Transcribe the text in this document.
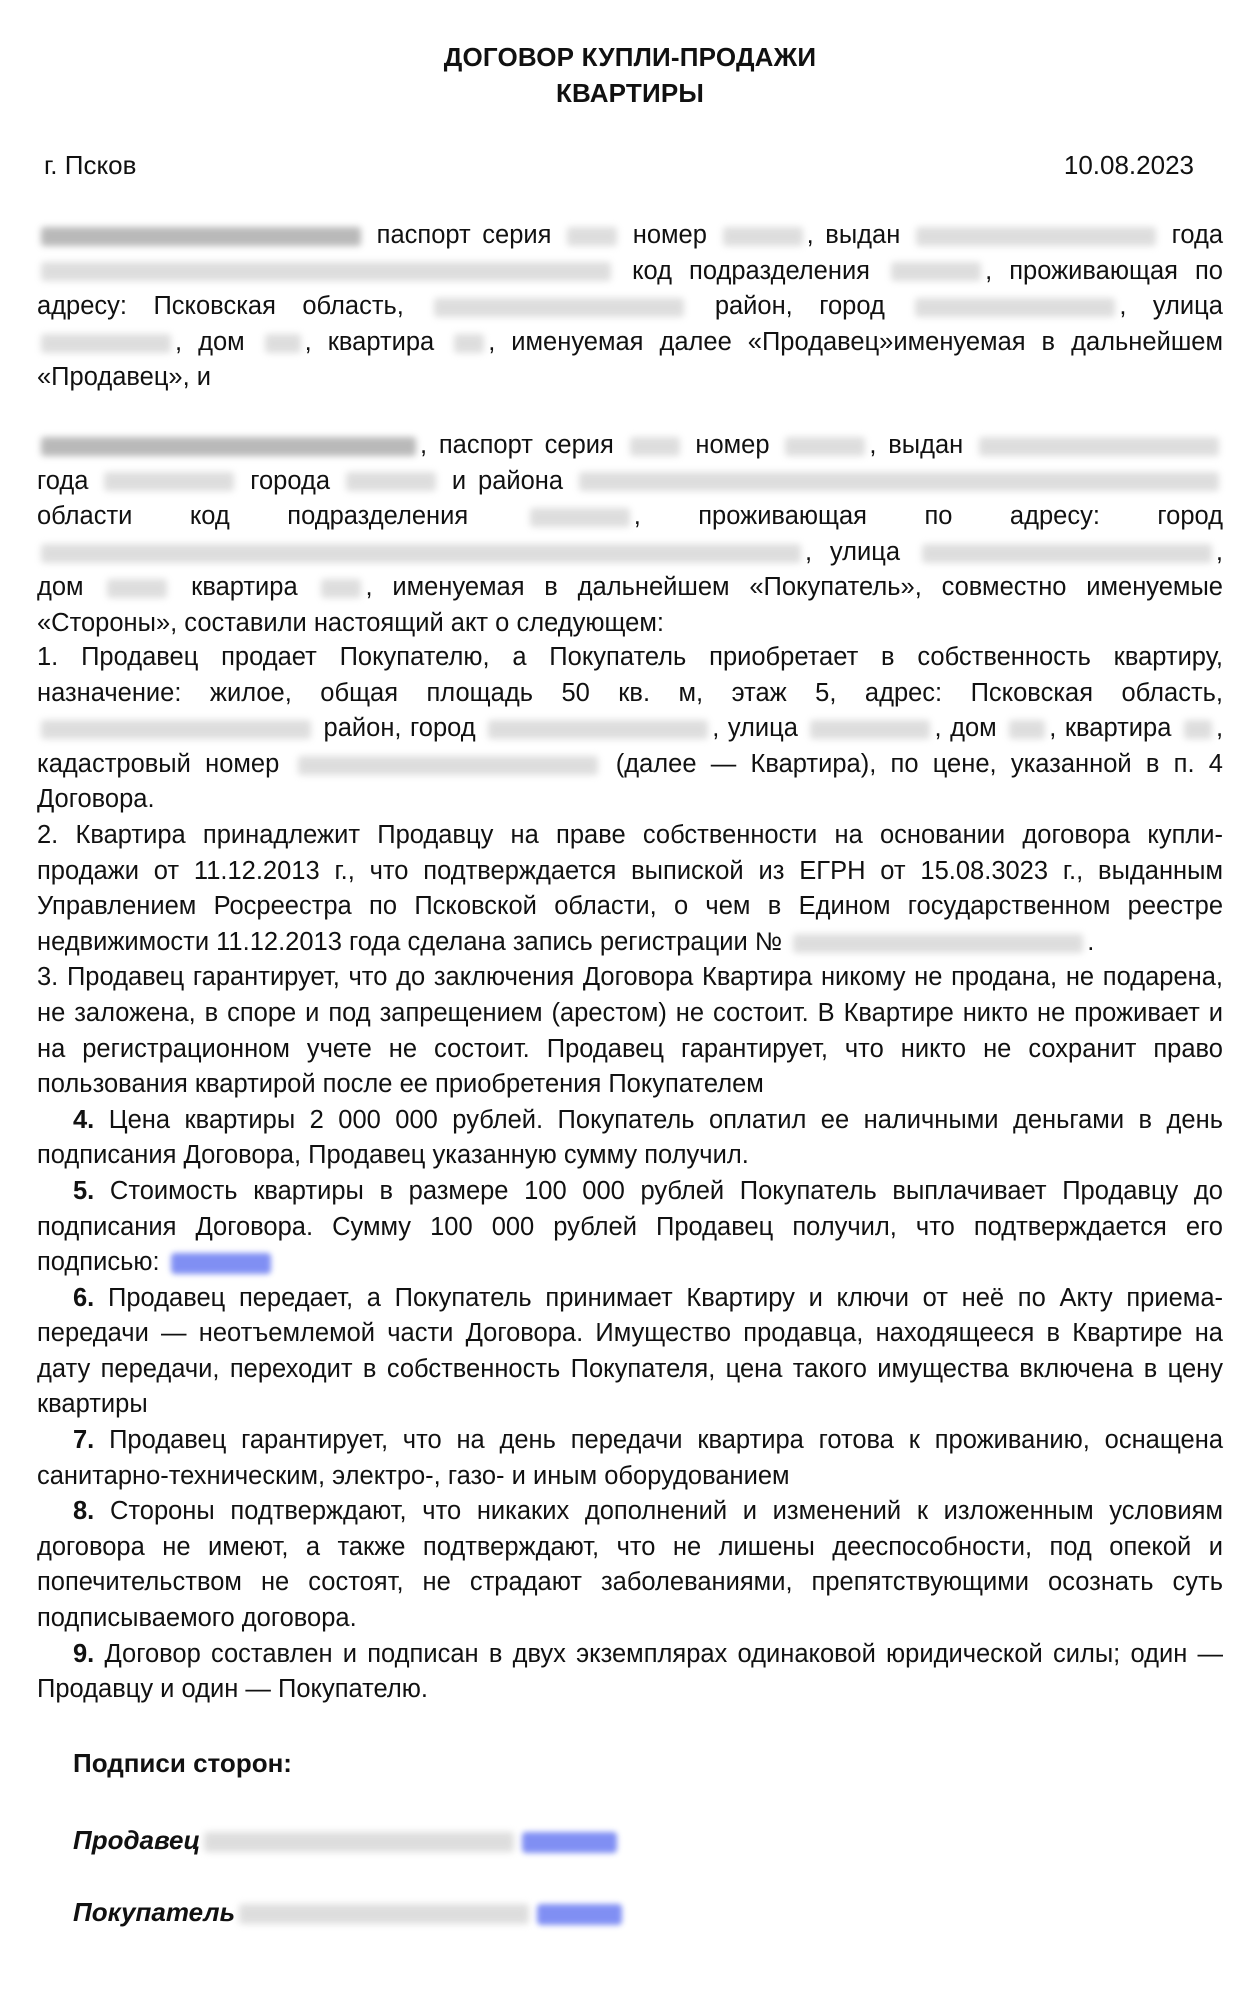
ДОГОВОР КУПЛИ-ПРОДАЖИ
КВАРТИРЫ
г. Псков	10.08.2023

паспорт серия	номер	, выдан	года  код подразделения	, проживающая по адресу: Псковская область,	район, город	, улица , дом , квартира , именуемая далее «Продавец»именуемая в дальнейшем «Продавец», и

, паспорт серия	номер	, выдан  года	города	и района  области код подразделения	, проживающая по адресу: город , улица	, дом	квартира	, именуемая в дальнейшем «Покупатель», совместно именуемые «Стороны», составили настоящий акт о следующем:

1. Продавец продает Покупателю, а Покупатель приобретает в собственность квартиру, назначение: жилое, общая площадь 50 кв. м, этаж 5, адрес: Псковская область,  район, город	, улица	, дом , квартира , кадастровый номер	(далее — Квартира), по цене, указанной в п. 4 Договора.

2. Квартира принадлежит Продавцу на праве собственности на основании договора купли-продажи от 11.12.2013 г., что подтверждается выпиской из ЕГРН от 15.08.3023 г., выданным Управлением Росреестра по Псковской области, о чем в Едином государственном реестре недвижимости 11.12.2013 года сделана запись регистрации №	.

3. Продавец гарантирует, что до заключения Договора Квартира никому не продана, не подарена, не заложена, в споре и под запрещением (арестом) не состоит. В Квартире никто не проживает и на регистрационном учете не состоит. Продавец гарантирует, что никто не сохранит право пользования квартирой после ее приобретения Покупателем

4. Цена квартиры 2 000 000 рублей. Покупатель оплатил ее наличными деньгами в день подписания Договора, Продавец указанную сумму получил.

5. Стоимость квартиры в размере 100 000 рублей Покупатель выплачивает Продавцу до подписания Договора. Сумму 100 000 рублей Продавец получил, что подтверждается его подписью:

6. Продавец передает, а Покупатель принимает Квартиру и ключи от неё по Акту приема-передачи — неотъемлемой части Договора. Имущество продавца, находящееся в Квартире на дату передачи, переходит в собственность Покупателя, цена такого имущества включена в цену квартиры

7. Продавец гарантирует, что на день передачи квартира готова к проживанию, оснащена санитарно-техническим, электро-, газо- и иным оборудованием

8. Стороны подтверждают, что никаких дополнений и изменений к изложенным условиям договора не имеют, а также подтверждают, что не лишены дееспособности, под опекой и попечительством не состоят, не страдают заболеваниями, препятствующими осознать суть подписываемого договора.

9. Договор составлен и подписан в двух экземплярах одинаковой юридической силы; один — Продавцу и один — Покупателю.

Подписи сторон:
Продавец
Покупатель
